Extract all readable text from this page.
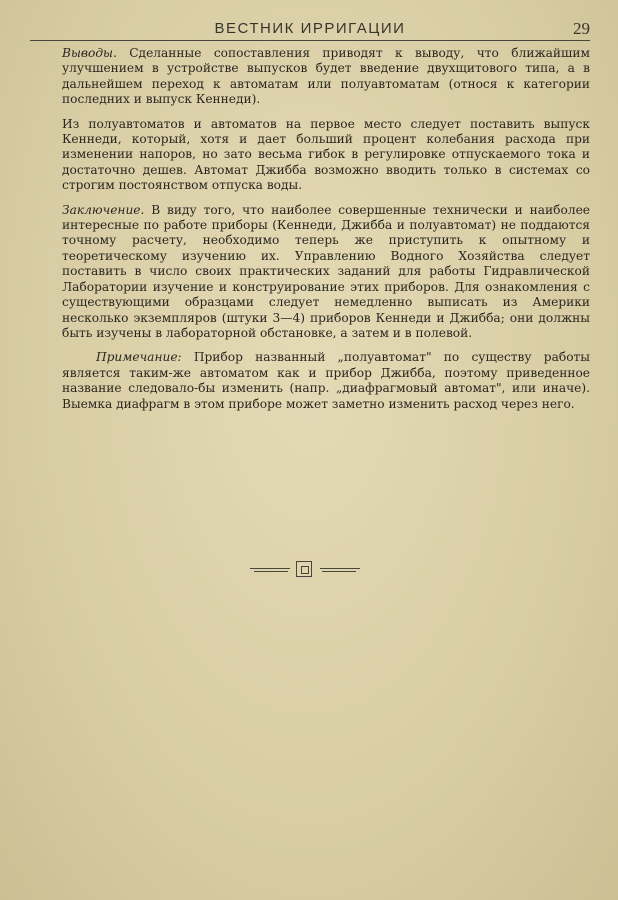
ВЕСТНИК ИРРИГАЦИИ	29

Выводы. Сделанные сопоставления приводят к выводу, что ближайшим улучшением в устройстве выпусков будет введение двухщитового типа, а в дальнейшем переход к автоматам или полуавтоматам (относя к категории последних и выпуск Кеннеди).

Из полуавтоматов и автоматов на первое место следует поставить выпуск Кеннеди, который, хотя и дает больший процент колебания расхода при изменении напоров, но зато весьма гибок в регулировке отпускаемого тока и достаточно дешев. Автомат Джибба возможно вводить только в системах со строгим постоянством отпуска воды.

Заключение. В виду того, что наиболее совершенные технически и наиболее интересные по работе приборы (Кеннеди, Джибба и полуавтомат) не поддаются точному расчету, необходимо теперь же приступить к опытному и теоретическому изучению их. Управлению Водного Хозяйства следует поставить в число своих практических заданий для работы Гидравлической Лаборатории изучение и конструирование этих приборов. Для ознакомления с существующими образцами следует немедленно выписать из Америки несколько экземпляров (штуки 3—4) приборов Кеннеди и Джибба; они должны быть изучены в лабораторной обстановке, а затем и в полевой.

Примечание: Прибор названный „полуавтомат" по существу работы является таким-же автоматом как и прибор Джибба, поэтому приведенное название следовало-бы изменить (напр. „диафрагмовый автомат", или иначе). Выемка диафрагм в этом приборе может заметно изменить расход через него.
